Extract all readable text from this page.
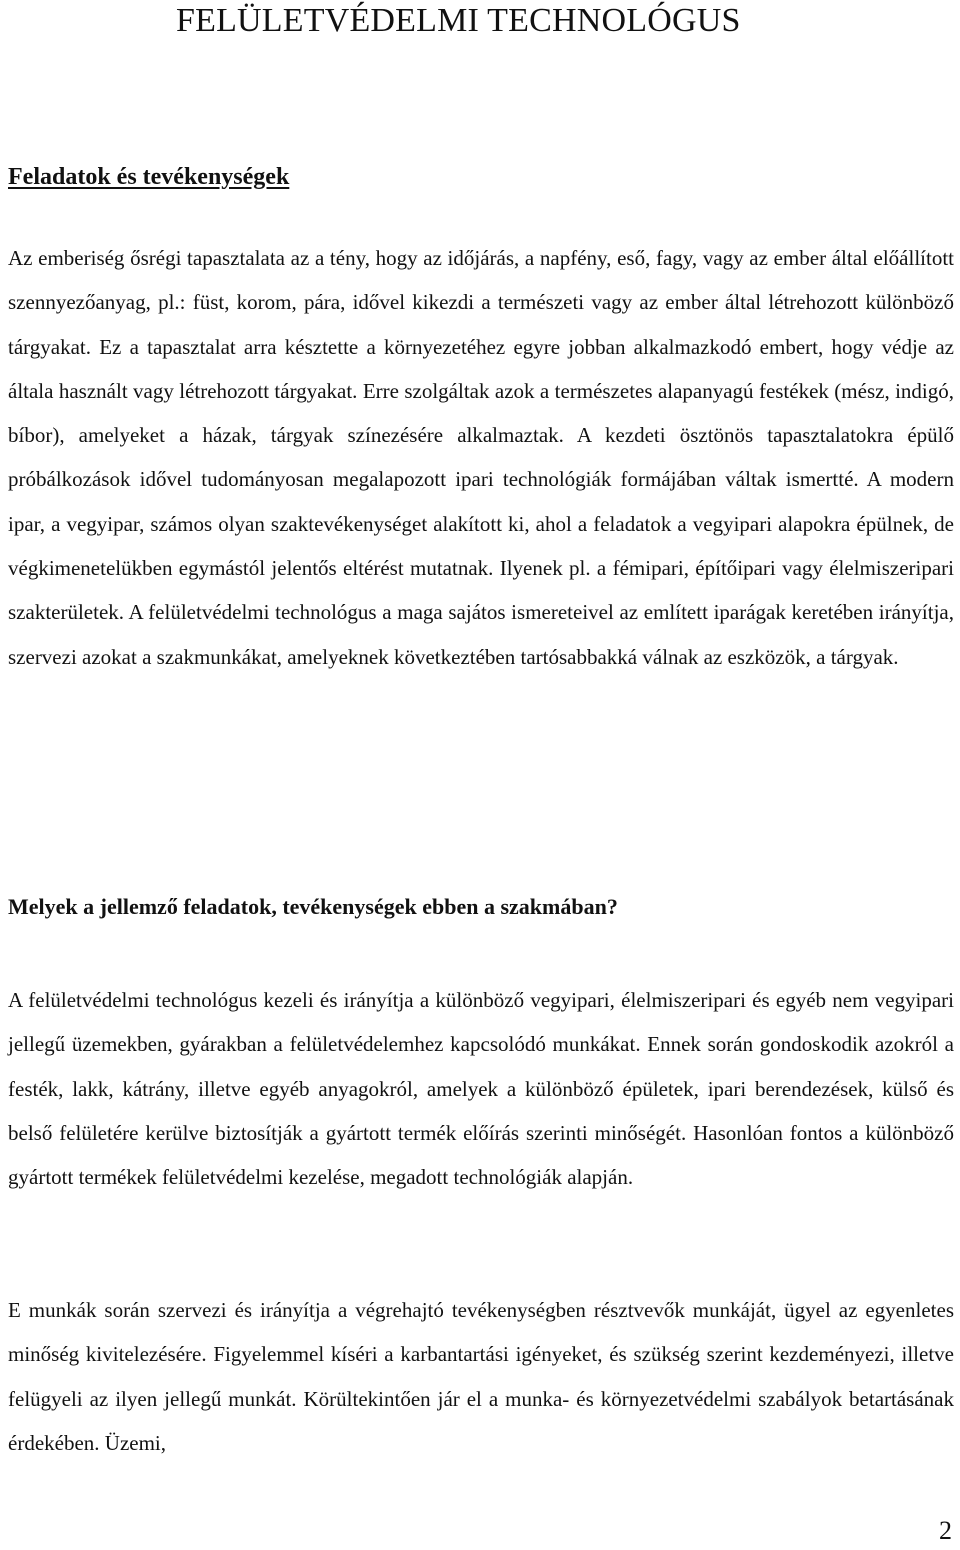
FELÜLETVÉDELMI TECHNOLÓGUS
Feladatok és tevékenységek

Az emberiség ősrégi tapasztalata az a tény, hogy az időjárás, a napfény, eső, fagy, vagy az ember által előállított szennyezőanyag, pl.: füst, korom, pára, idővel kikezdi a természeti vagy az ember által létrehozott különböző tárgyakat. Ez a tapasztalat arra késztette a környezetéhez egyre jobban alkalmazkodó embert, hogy védje az általa használt vagy létrehozott tárgyakat. Erre szolgáltak azok a természetes alapanyagú festékek (mész, indigó, bíbor), amelyeket a házak, tárgyak színezésére alkalmaztak. A kezdeti ösztönös tapasztalatokra épülő próbálkozások idővel tudományosan megalapozott ipari technológiák formájában váltak ismertté. A modern ipar, a vegyipar, számos olyan szaktevékenységet alakított ki, ahol a feladatok a vegyipari alapokra épülnek, de végkimenetelükben egymástól jelentős eltérést mutatnak. Ilyenek pl. a fémipari, építőipari vagy élelmiszeripari szakterületek. A felületvédelmi technológus a maga sajátos ismereteivel az említett iparágak keretében irányítja, szervezi azokat a szakmunkákat, amelyeknek következtében tartósabbakká válnak az eszközök, a tárgyak.

Melyek a jellemző feladatok, tevékenységek ebben a szakmában?

A felületvédelmi technológus kezeli és irányítja a különböző vegyipari, élelmiszeripari és egyéb nem vegyipari jellegű üzemekben, gyárakban a felületvédelemhez kapcsolódó munkákat. Ennek során gondoskodik azokról a festék, lakk, kátrány, illetve egyéb anyagokról, amelyek a különböző épületek, ipari berendezések, külső és belső felületére kerülve biztosítják a gyártott termék előírás szerinti minőségét. Hasonlóan fontos a különböző gyártott termékek felületvédelmi kezelése, megadott technológiák alapján.

E munkák során szervezi és irányítja a végrehajtó tevékenységben résztvevők munkáját, ügyel az egyenletes minőség kivitelezésére. Figyelemmel kíséri a karbantartási igényeket, és szükség szerint kezdeményezi, illetve felügyeli az ilyen jellegű munkát. Körültekintően jár el a munka- és környezetvédelmi szabályok betartásának érdekében. Üzemi,

2
